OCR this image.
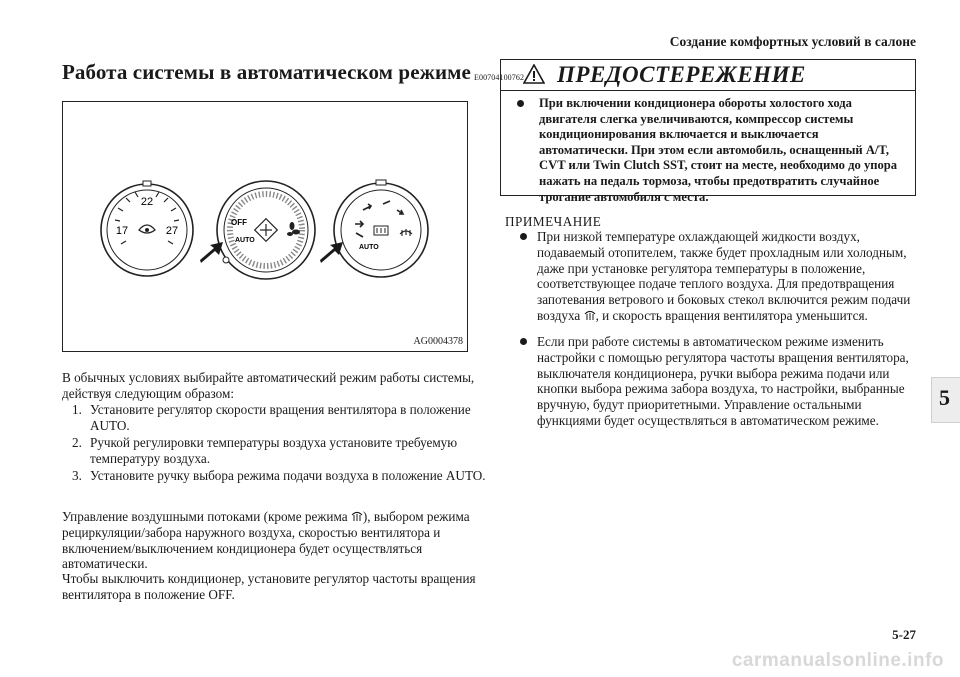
Создание комфортных условий в салоне
Работа системы в автоматическом режиме E00704100762
22
17	27
OFF
AUTO
AUTO
AG0004378
В обычных условиях выбирайте автоматический режим работы системы, действуя следующим образом:
1. Установите регулятор скорости вращения вентилятора в положение AUTO.
2. Ручкой регулировки температуры воздуха установите требуемую температуру воздуха.
3. Установите ручку выбора режима подачи воздуха в положение AUTO.
Управление воздушными потоками (кроме режима ), выбором режима рециркуляции/забора наружного воздуха, скоростью вентилятора и включением/выключением кондиционера будет осуществляться автоматически.
Чтобы выключить кондиционер, установите регулятор частоты вращения вентилятора в положение OFF.
ПРЕДОСТЕРЕЖЕНИЕ
При включении кондиционера обороты холостого хода двигателя слегка увеличиваются, компрессор системы кондиционирования включается и выключается автоматически. При этом если автомобиль, оснащенный A/T, CVT или Twin Clutch SST, стоит на месте, необходимо до упора нажать на педаль тормоза, чтобы предотвратить случайное трогание автомобиля с места.
ПРИМЕЧАНИЕ
При низкой температуре охлаждающей жидкости воздух, подаваемый отопителем, также будет прохладным или холодным, даже при установке регулятора температуры в положение, соответствующее подаче теплого воздуха. Для предотвращения запотевания ветрового и боковых стекол включится режим подачи воздуха , и скорость вращения вентилятора уменьшится.
Если при работе системы в автоматическом режиме изменить настройки с помощью регулятора частоты вращения вентилятора, выключателя кондиционера, ручки выбора режима подачи или кнопки выбора режима забора воздуха, то настройки, выбранные вручную, будут приоритетными. Управление остальными функциями будет осуществляться в автоматическом режиме.
5
5-27
carmanualsonline.info
